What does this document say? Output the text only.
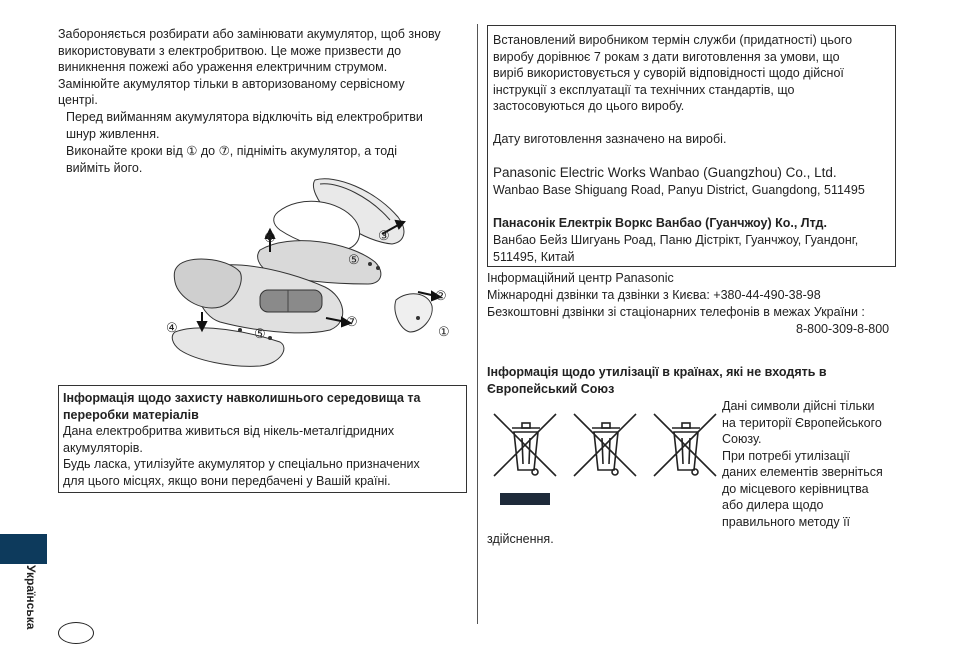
Забороняється розбирати або замінювати акумулятор, щоб знову
використовувати з електробритвою. Це може призвести до
виникнення пожежі або ураження електричним струмом.
Замінюйте акумулятор тільки в авторизованому сервісному
центрі.
Перед вийманням акумулятора відключіть від електробритви
шнур живлення.
Виконайте кроки від ① до ⑦, підніміть акумулятор, а тоді
вийміть його.
⑥	③
⑤
②
⑦
④	⑤	①
Інформація щодо захисту навколишнього середовища та
переробки матеріалів
Дана електробритва живиться від нікель-металгідридних
акумуляторів.
Будь ласка, утилізуйте акумулятор у спеціально призначених
для цього місцях, якщо вони передбачені у Вашій країні.
Встановлений виробником термін служби (придатності) цього
виробу дорівнює 7 рокам з дати виготовлення за умови, що
виріб використовується у суворій відповідності щодо дійсної
інструкції з експлуатації та технічних стандартів, що
застосовуються до цього виробу.
Дату виготовлення зазначено на виробі.
Panasonic Electric Works Wanbao (Guangzhou) Co., Ltd.
Wanbao Base Shiguang Road, Panyu District, Guangdong, 511495
Панасонік Електрік Воркс Ванбао (Гуанчжоу) Ко., Лтд.
Ванбао Бейз Шигуань Роад, Паню Дістрікт, Гуанчжоу, Гуандонг,
511495, Китай
Інформаційний центр Panasonic
Міжнародні дзвінки та дзвінки з Києва: +380-44-490-38-98
Безкоштовні дзвінки зі стаціонарних телефонів в межах України :
8-800-309-8-800
Інформація щодо утилізації в країнах, які не входять в
Європейський Союз
Дані символи дійсні тільки
на території Європейського
Союзу.
При потребі утилізації
даних елементів зверніться
до місцевого керівництва
або дилера щодо
правильного методу її
здійснення.
Українська
